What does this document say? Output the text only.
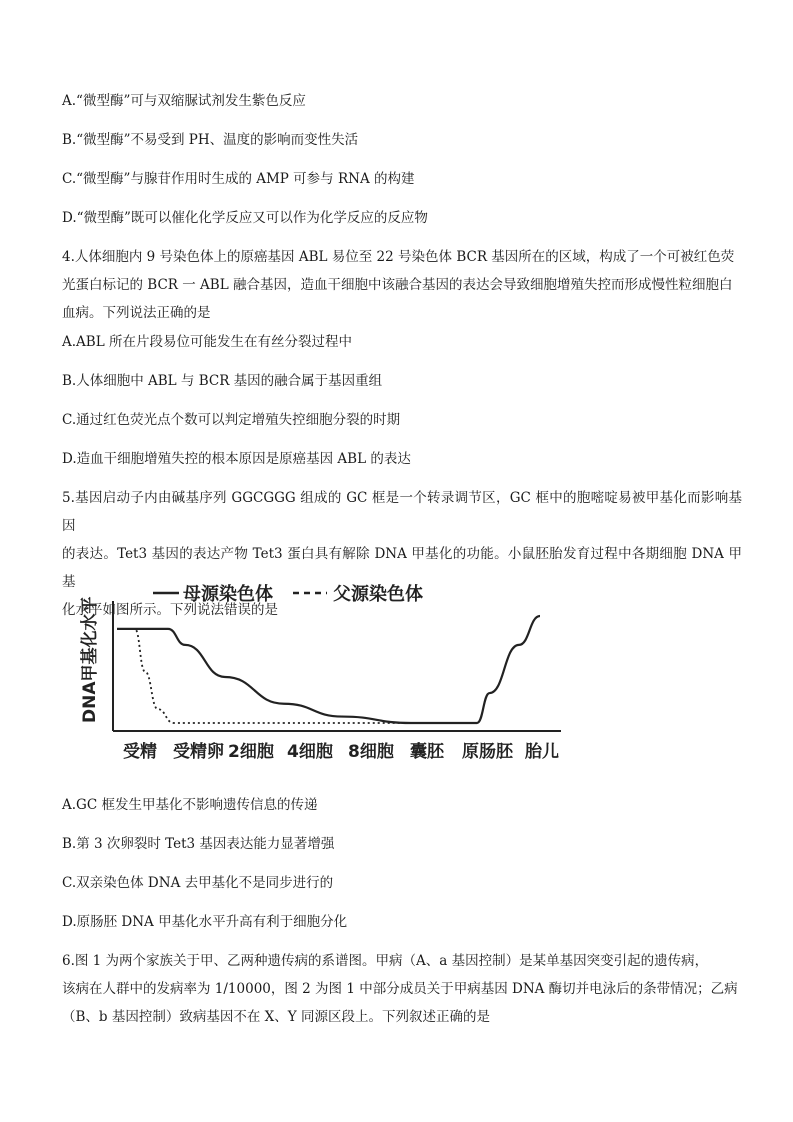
A.“微型酶”可与双缩脲试剂发生紫色反应
B.“微型酶”不易受到 PH、温度的影响而变性失活
C.“微型酶”与腺苷作用时生成的 AMP 可参与 RNA 的构建
D.“微型酶”既可以催化化学反应又可以作为化学反应的反应物
4.人体细胞内 9 号染色体上的原癌基因 ABL 易位至 22 号染色体 BCR 基因所在的区域，构成了一个可被红色荧
光蛋白标记的 BCR 一 ABL 融合基因，造血干细胞中该融合基因的表达会导致细胞增殖失控而形成慢性粒细胞白
血病。下列说法正确的是
A.ABL 所在片段易位可能发生在有丝分裂过程中
B.人体细胞中 ABL 与 BCR 基因的融合属于基因重组
C.通过红色荧光点个数可以判定增殖失控细胞分裂的时期
D.造血干细胞增殖失控的根本原因是原癌基因 ABL 的表达
5.基因启动子内由碱基序列 GGCGGG 组成的 GC 框是一个转录调节区，GC 框中的胞嘧啶易被甲基化而影响基因
的表达。Tet3 基因的表达产物 Tet3 蛋白具有解除 DNA 甲基化的功能。小鼠胚胎发育过程中各期细胞 DNA 甲基
化水平如图所示。下列说法错误的是
母源染色体	父源染色体
DNA甲基化水平
受精 受精卵 2细胞 4细胞 8细胞 囊胚 原肠胚 胎儿
A.GC 框发生甲基化不影响遗传信息的传递
B.第 3 次卵裂时 Tet3 基因表达能力显著增强
C.双亲染色体 DNA 去甲基化不是同步进行的
D.原肠胚 DNA 甲基化水平升高有利于细胞分化
6.图 1 为两个家族关于甲、乙两种遗传病的系谱图。甲病（A、a 基因控制）是某单基因突变引起的遗传病，
该病在人群中的发病率为 1/10000，图 2 为图 1 中部分成员关于甲病基因 DNA 酶切并电泳后的条带情况；乙病
（B、b 基因控制）致病基因不在 X、Y 同源区段上。下列叙述正确的是
